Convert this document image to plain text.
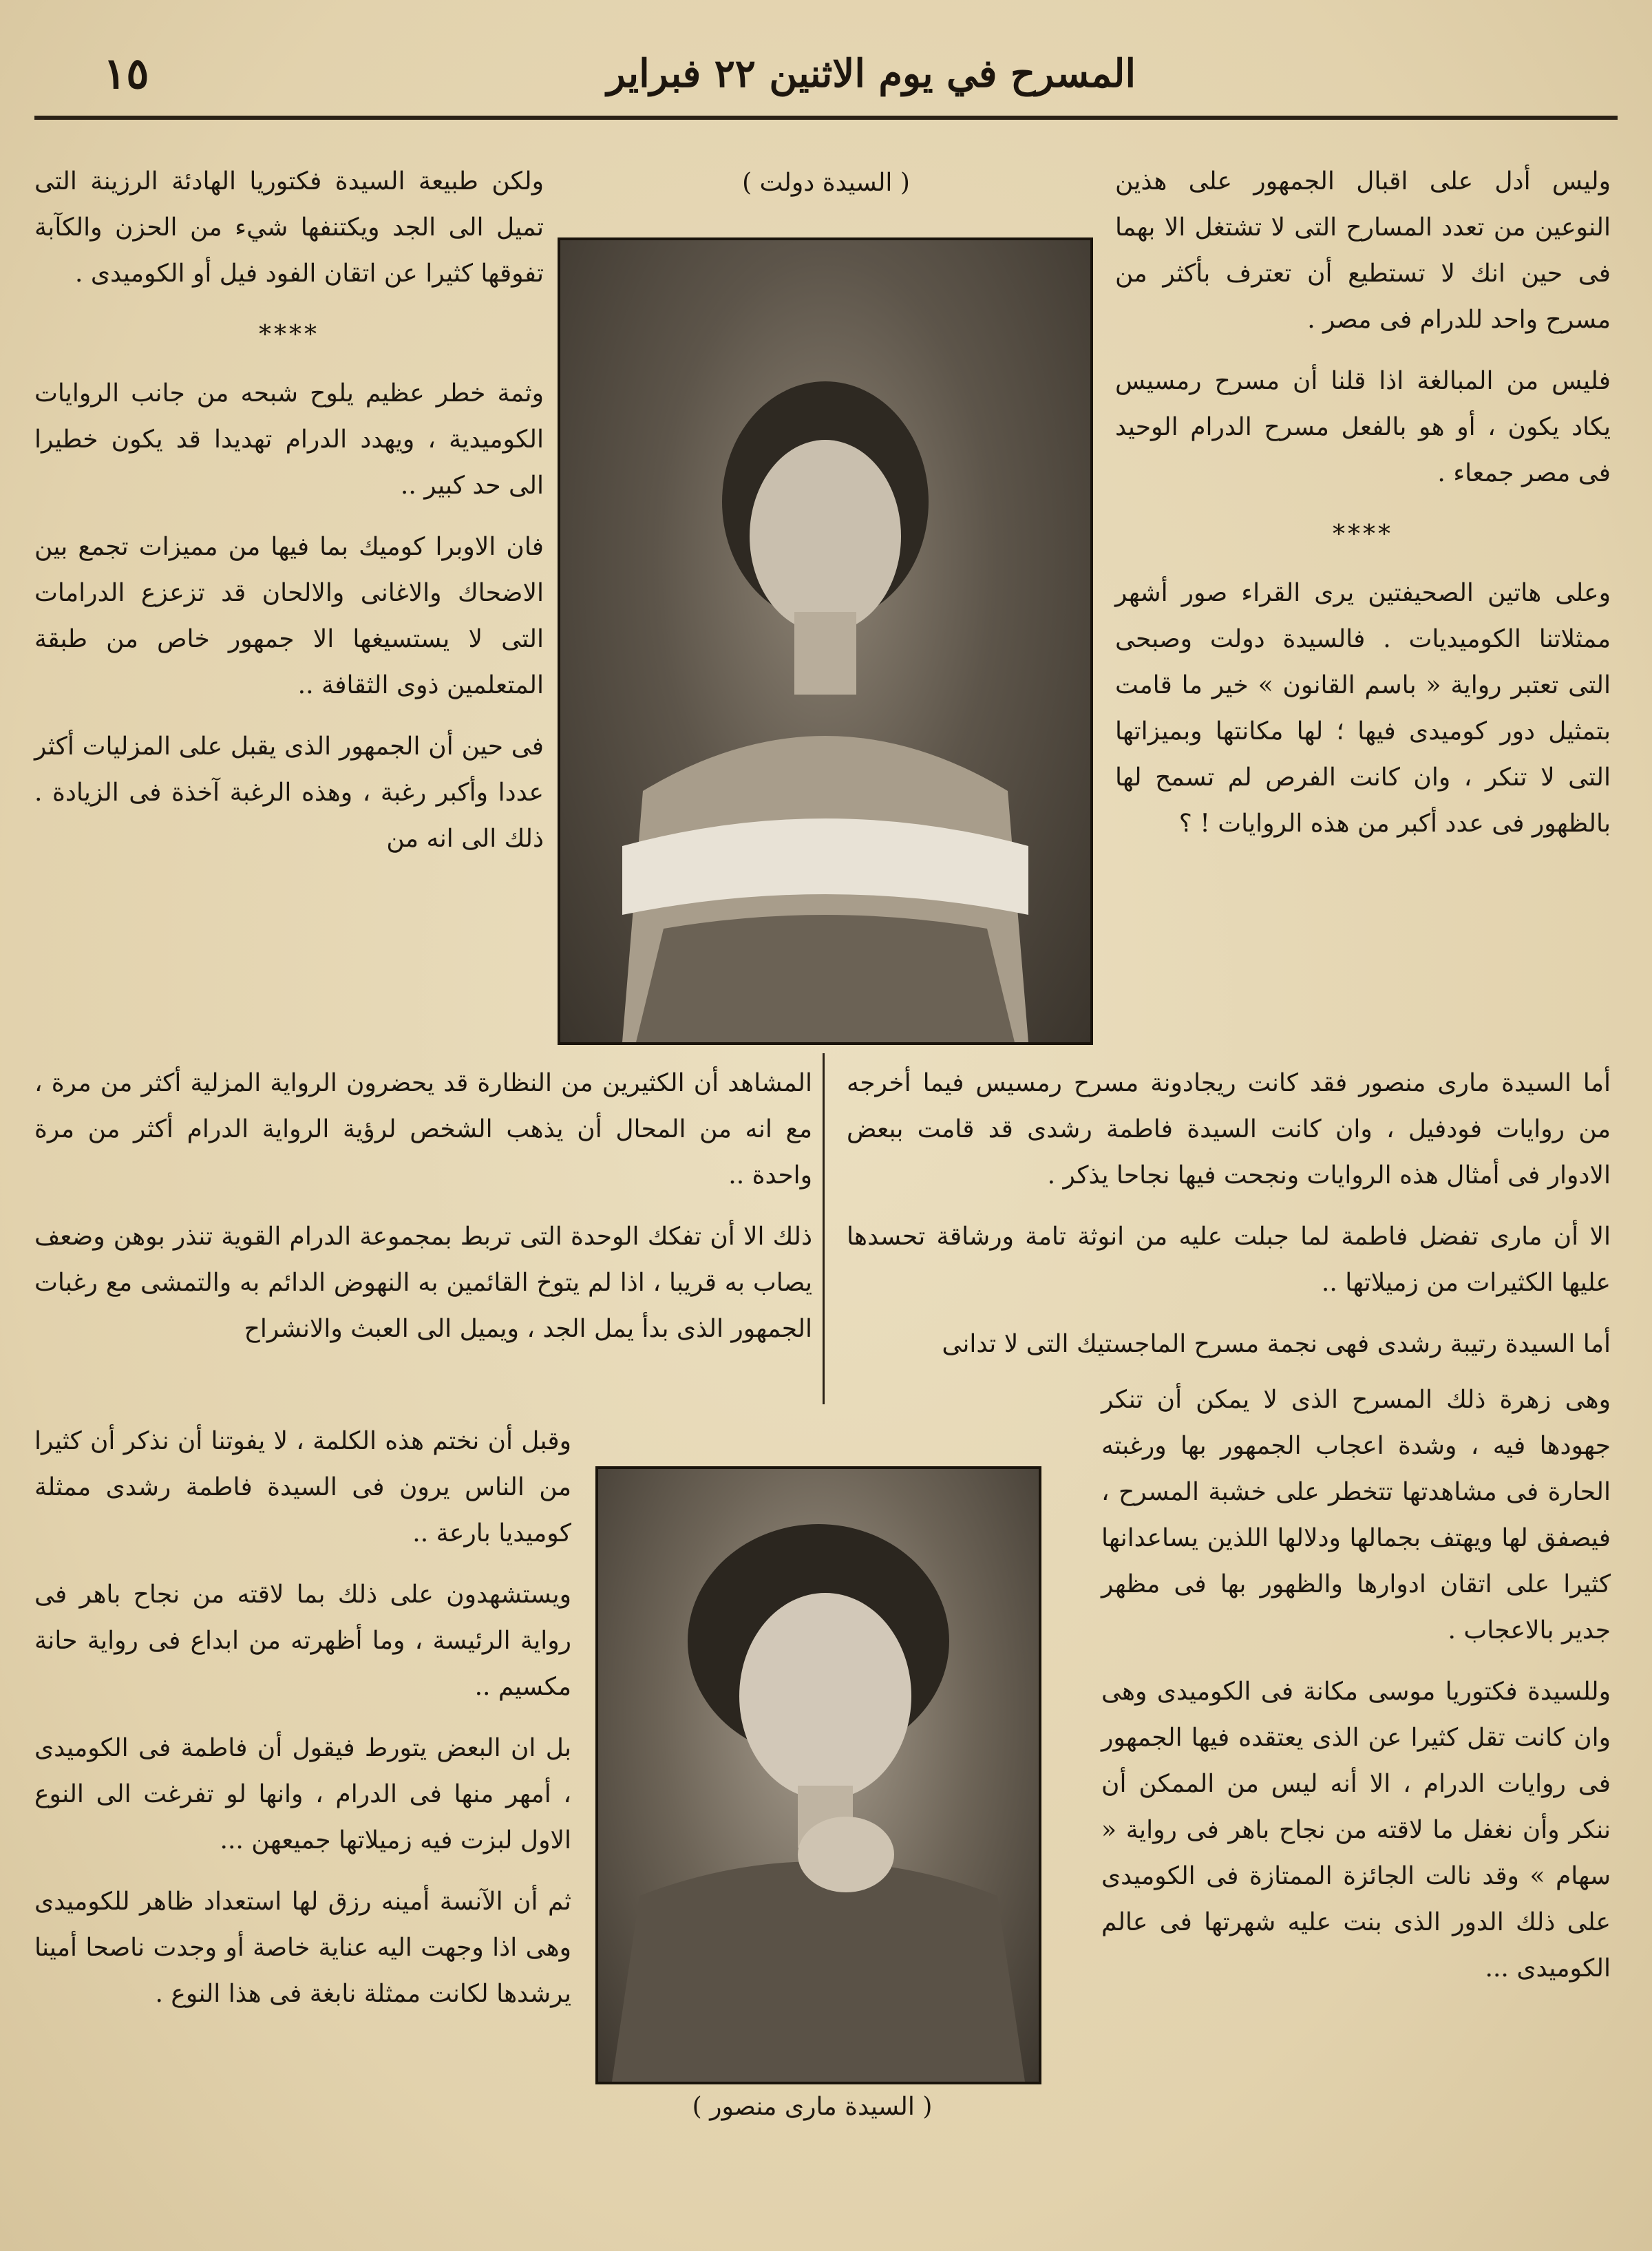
١٥	المسرح في يوم الاثنين ٢٢ فبراير

وليس أدل على اقبال الجمهور على هذين النوعين من تعدد المسارح التى لا تشتغل الا بهما فى حين انك لا تستطيع أن تعترف بأكثر من مسرح واحد للدرام فى مصر .

فليس من المبالغة اذا قلنا أن مسرح رمسيس يكاد يكون ، أو هو بالفعل مسرح الدرام الوحيد فى مصر جمعاء .

****

وعلى هاتين الصحيفتين يرى القراء صور أشهر ممثلاتنا الكوميديات . فالسيدة دولت وصبحى التى تعتبر رواية « باسم القانون » خير ما قامت بتمثيل دور كوميدى فيها ؛ لها مكانتها وبميزاتها التى لا تنكر ، وان كانت الفرص لم تسمح لها بالظهور فى عدد أكبر من هذه الروايات ! ؟

( السيدة دولت )

ولكن طبيعة السيدة فكتوريا الهادئة الرزينة التى تميل الى الجد ويكتنفها شيء من الحزن والكآبة تفوقها كثيرا عن اتقان الفود فيل أو الكوميدى .

****

وثمة خطر عظيم يلوح شبحه من جانب الروايات الكوميدية ، ويهدد الدرام تهديدا قد يكون خطيرا الى حد كبير ..

فان الاوبرا كوميك بما فيها من مميزات تجمع بين الاضحاك والاغانى والالحان قد تزعزع الدرامات التى لا يستسيغها الا جمهور خاص من طبقة المتعلمين ذوى الثقافة ..

فى حين أن الجمهور الذى يقبل على المزليات أكثر عددا وأكبر رغبة ، وهذه الرغبة آخذة فى الزيادة . ذلك الى انه من

المشاهد أن الكثيرين من النظارة قد يحضرون الرواية المزلية أكثر من مرة ، مع انه من المحال أن يذهب الشخص لرؤية الرواية الدرام أكثر من مرة واحدة ..

ذلك الا أن تفكك الوحدة التى تربط بمجموعة الدرام القوية تنذر بوهن وضعف يصاب به قريبا ، اذا لم يتوخ القائمين به النهوض الدائم به والتمشى مع رغبات الجمهور الذى بدأ يمل الجد ، ويميل الى العبث والانشراح

أما السيدة مارى منصور فقد كانت ريجادونة مسرح رمسيس فيما أخرجه من روايات فودفيل ، وان كانت السيدة فاطمة رشدى قد قامت ببعض الادوار فى أمثال هذه الروايات ونجحت فيها نجاحا يذكر .

الا أن مارى تفضل فاطمة لما جبلت عليه من انوثة تامة ورشاقة تحسدها عليها الكثيرات من زميلاتها ..

أما السيدة رتيبة رشدى فهى نجمة مسرح الماجستيك التى لا تدانى

وهى زهرة ذلك المسرح الذى لا يمكن أن تنكر جهودها فيه ، وشدة اعجاب الجمهور بها ورغبته الحارة فى مشاهدتها تتخطر على خشبة المسرح ، فيصفق لها ويهتف بجمالها ودلالها اللذين يساعدانها كثيرا على اتقان ادوارها والظهور بها فى مظهر جدير بالاعجاب .

وللسيدة فكتوريا موسى مكانة فى الكوميدى وهى وان كانت تقل كثيرا عن الذى يعتقده فيها الجمهور فى روايات الدرام ، الا أنه ليس من الممكن أن ننكر وأن نغفل ما لاقته من نجاح باهر فى رواية « سهام » وقد نالت الجائزة الممتازة فى الكوميدى على ذلك الدور الذى بنت عليه شهرتها فى عالم الكوميدى ...

( السيدة مارى منصور )

وقبل أن نختم هذه الكلمة ، لا يفوتنا أن نذكر أن كثيرا من الناس يرون فى السيدة فاطمة رشدى ممثلة كوميديا بارعة ..

ويستشهدون على ذلك بما لاقته من نجاح باهر فى رواية الرئيسة ، وما أظهرته من ابداع فى رواية حانة مكسيم ..

بل ان البعض يتورط فيقول أن فاطمة فى الكوميدى ، أمهر منها فى الدرام ، وانها لو تفرغت الى النوع الاول لبزت فيه زميلاتها جميعهن ...

ثم أن الآنسة أمينه رزق لها استعداد ظاهر للكوميدى وهى اذا وجهت اليه عناية خاصة أو وجدت ناصحا أمينا يرشدها لكانت ممثلة نابغة فى هذا النوع .
